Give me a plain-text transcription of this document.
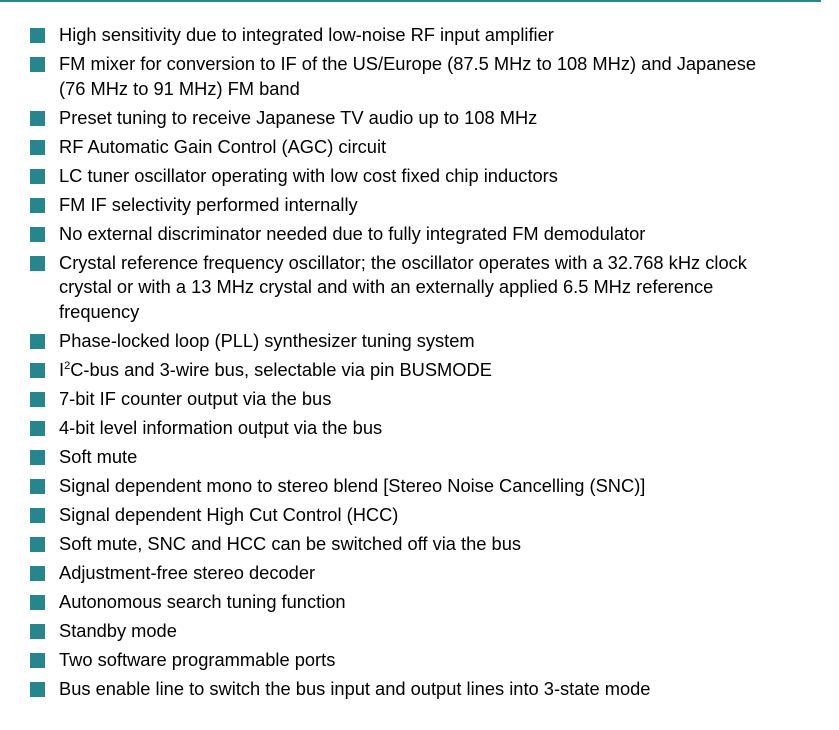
High sensitivity due to integrated low-noise RF input amplifier
FM mixer for conversion to IF of the US/Europe (87.5 MHz to 108 MHz) and Japanese
(76 MHz to 91 MHz) FM band
Preset tuning to receive Japanese TV audio up to 108 MHz
RF Automatic Gain Control (AGC) circuit
LC tuner oscillator operating with low cost fixed chip inductors
FM IF selectivity performed internally
No external discriminator needed due to fully integrated FM demodulator
Crystal reference frequency oscillator; the oscillator operates with a 32.768 kHz clock
crystal or with a 13 MHz crystal and with an externally applied 6.5 MHz reference
frequency
Phase-locked loop (PLL) synthesizer tuning system
$I^2C$-bus and 3-wire bus, selectable via pin BUSMODE
7-bit IF counter output via the bus
4-bit level information output via the bus
Soft mute
Signal dependent mono to stereo blend [Stereo Noise Cancelling (SNC)]
Signal dependent High Cut Control (HCC)
Soft mute, SNC and HCC can be switched off via the bus
Adjustment-free stereo decoder
Autonomous search tuning function
Standby mode
Two software programmable ports
Bus enable line to switch the bus input and output lines into 3-state mode
